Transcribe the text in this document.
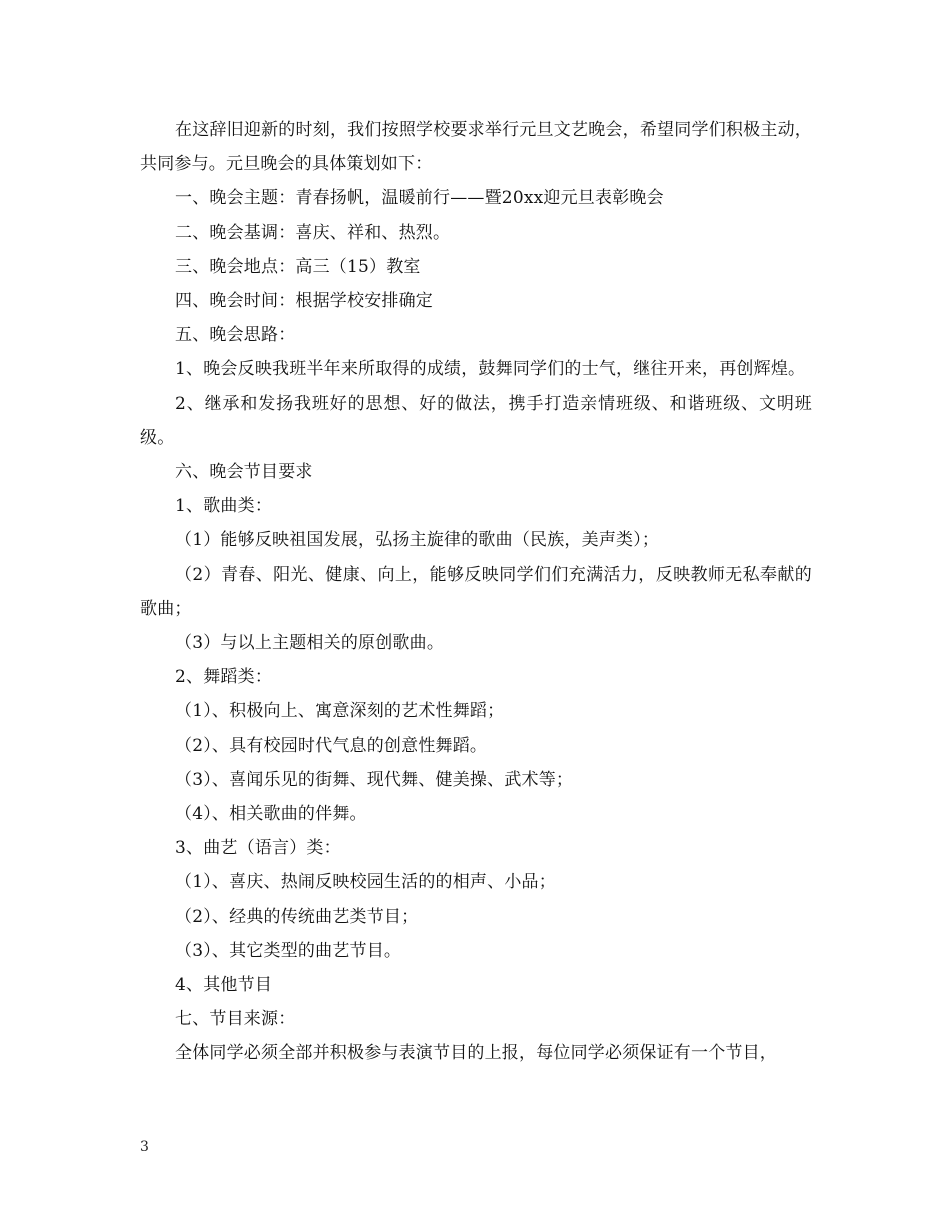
在这辞旧迎新的时刻，我们按照学校要求举行元旦文艺晚会，希望同学们积极主动，共同参与。元旦晚会的具体策划如下：

一、晚会主题：青春扬帆，温暖前行——暨20xx迎元旦表彰晚会

二、晚会基调：喜庆、祥和、热烈。

三、晚会地点：高三（15）教室

四、晚会时间：根据学校安排确定

五、晚会思路：

1、晚会反映我班半年来所取得的成绩，鼓舞同学们的士气，继往开来，再创辉煌。

2、继承和发扬我班好的思想、好的做法，携手打造亲情班级、和谐班级、文明班级。

六、晚会节目要求

1、歌曲类：

（1）能够反映祖国发展，弘扬主旋律的歌曲（民族，美声类）；

（2）青春、阳光、健康、向上，能够反映同学们们充满活力，反映教师无私奉献的歌曲；

（3）与以上主题相关的原创歌曲。

2、舞蹈类：

（1）、积极向上、寓意深刻的艺术性舞蹈；

（2）、具有校园时代气息的创意性舞蹈。

（3）、喜闻乐见的街舞、现代舞、健美操、武术等；

（4）、相关歌曲的伴舞。

3、曲艺（语言）类：

（1）、喜庆、热闹反映校园生活的的相声、小品；

（2）、经典的传统曲艺类节目；

（3）、其它类型的曲艺节目。

4、其他节目

七、节目来源：

全体同学必须全部并积极参与表演节目的上报，每位同学必须保证有一个节目，

3
